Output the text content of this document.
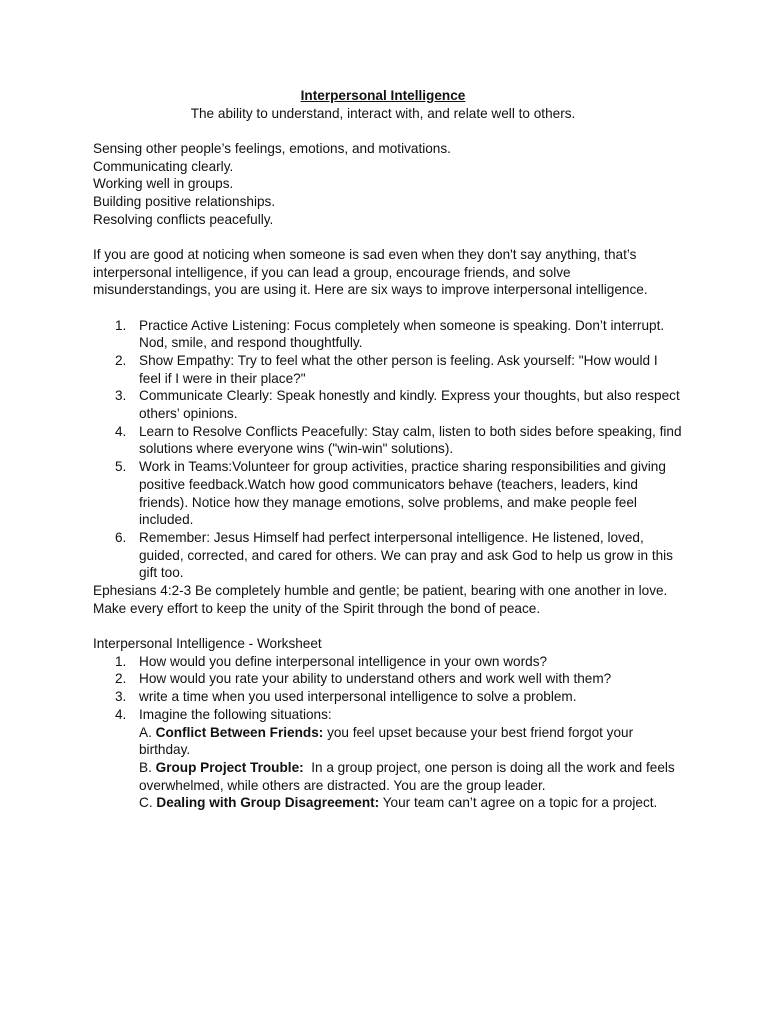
Interpersonal Intelligence
The ability to understand, interact with, and relate well to others.
Sensing other people’s feelings, emotions, and motivations.
Communicating clearly.
Working well in groups.
Building positive relationships.
Resolving conflicts peacefully.

If you are good at noticing when someone is sad even when they don't say anything, that’s interpersonal intelligence, if you can lead a group, encourage friends, and solve misunderstandings, you are using it. Here are six ways to improve interpersonal intelligence.

1. Practice Active Listening: Focus completely when someone is speaking. Don’t interrupt. Nod, smile, and respond thoughtfully.
2. Show Empathy: Try to feel what the other person is feeling. Ask yourself: "How would I feel if I were in their place?"
3. Communicate Clearly: Speak honestly and kindly. Express your thoughts, but also respect others’ opinions.
4. Learn to Resolve Conflicts Peacefully: Stay calm, listen to both sides before speaking, find solutions where everyone wins ("win-win" solutions).
5. Work in Teams:Volunteer for group activities, practice sharing responsibilities and giving positive feedback.Watch how good communicators behave (teachers, leaders, kind friends). Notice how they manage emotions, solve problems, and make people feel included.
6. Remember: Jesus Himself had perfect interpersonal intelligence. He listened, loved, guided, corrected, and cared for others. We can pray and ask God to help us grow in this gift too.

Ephesians 4:2-3 Be completely humble and gentle; be patient, bearing with one another in love. Make every effort to keep the unity of the Spirit through the bond of peace.

Interpersonal Intelligence - Worksheet
1. How would you define interpersonal intelligence in your own words?
2. How would you rate your ability to understand others and work well with them?
3. write a time when you used interpersonal intelligence to solve a problem.
4. Imagine the following situations:
A. Conflict Between Friends: you feel upset because your best friend forgot your birthday.
B. Group Project Trouble: In a group project, one person is doing all the work and feels overwhelmed, while others are distracted. You are the group leader.
C. Dealing with Group Disagreement: Your team can’t agree on a topic for a project.
